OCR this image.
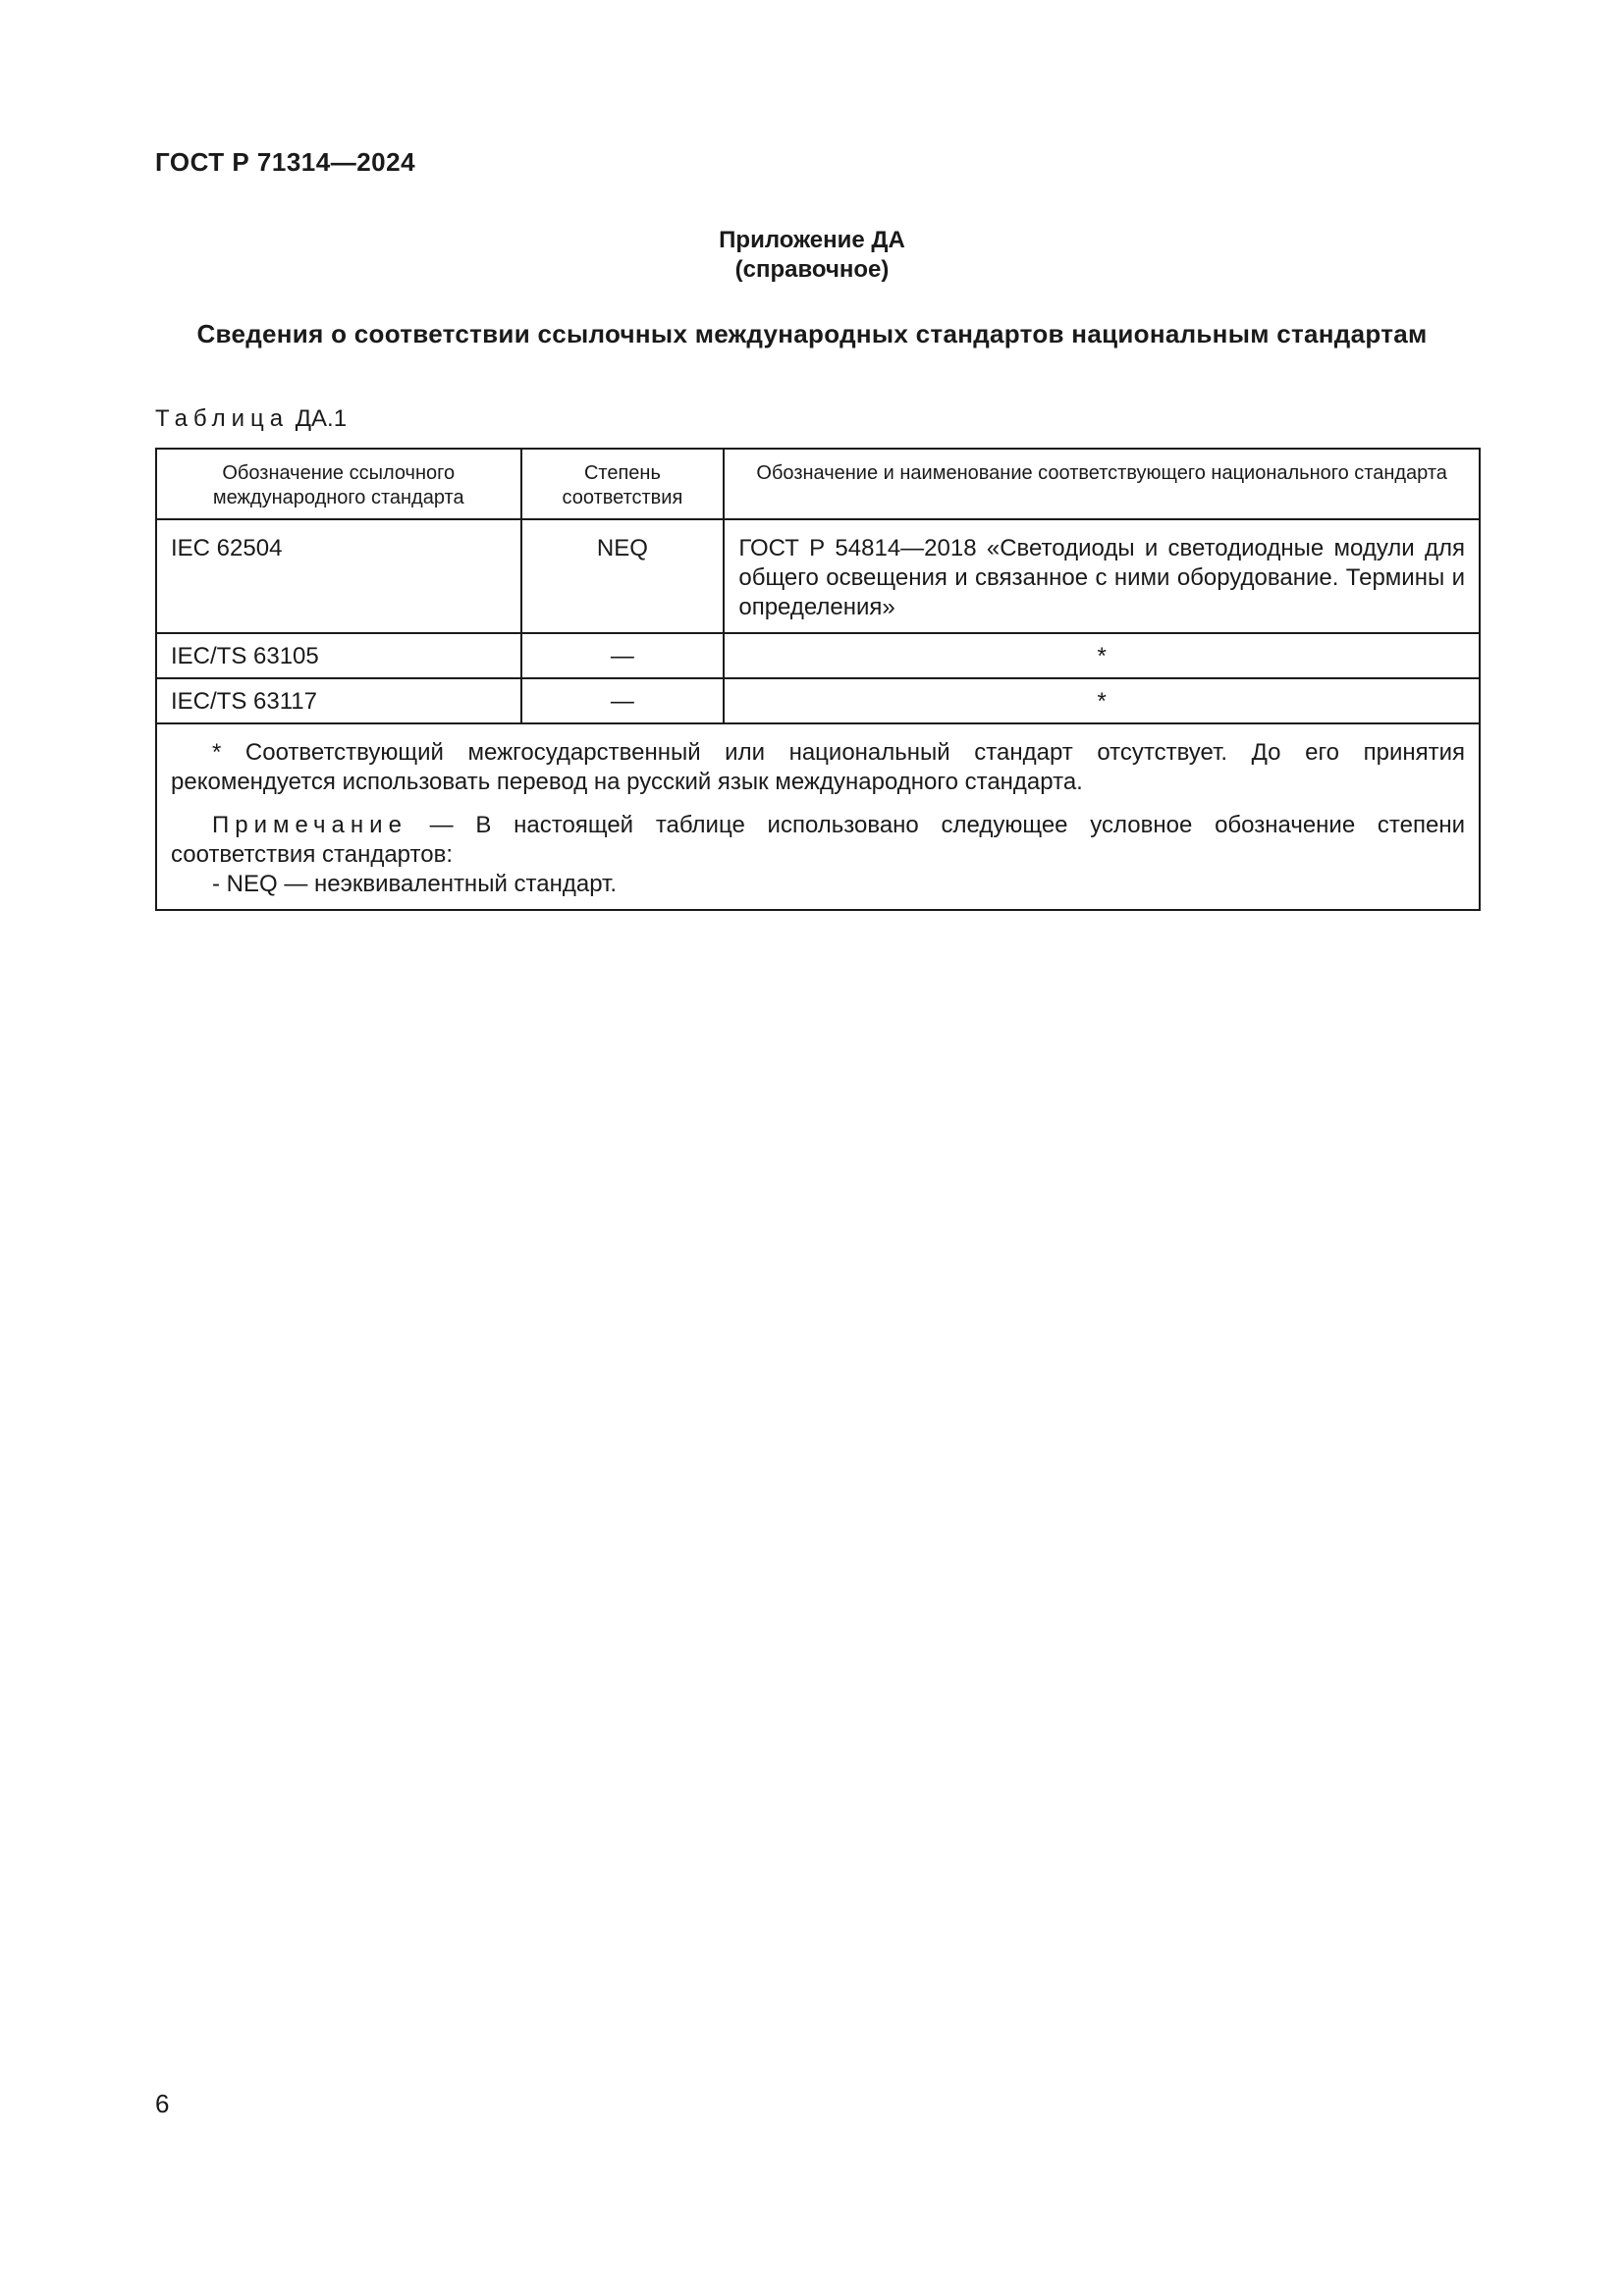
ГОСТ Р 71314—2024
Приложение ДА
(справочное)
Сведения о соответствии ссылочных международных стандартов национальным стандартам
Таблица ДА.1
Обозначение ссылочного международного стандарта	Степень соответствия	Обозначение и наименование соответствующего национального стандарта
IEC 62504	NEQ	ГОСТ Р 54814—2018 «Светодиоды и светодиодные модули для общего освещения и связанное с ними оборудование. Термины и определения»
IEC/TS 63105	—	*
IEC/TS 63117	—	*

* Соответствующий межгосударственный или национальный стандарт отсутствует. До его принятия рекомендуется использовать перевод на русский язык международного стандарта.

Примечание — В настоящей таблице использовано следующее условное обозначение степени соответствия стандартов:

- NEQ — неэквивалентный стандарт.		

6
